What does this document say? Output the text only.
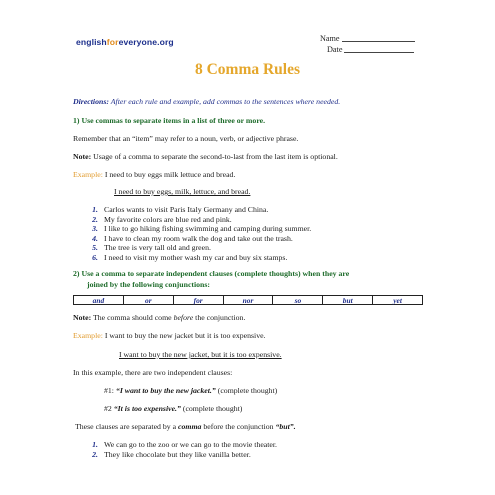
englishforeveryone.org	Name
Date
8 Comma Rules

Directions: After each rule and example, add commas to the sentences where needed.

1) Use commas to separate items in a list of three or more.

Remember that an “item” may refer to a noun, verb, or adjective phrase.

Note: Usage of a comma to separate the second-to-last from the last item is optional.

Example: I need to buy eggs milk lettuce and bread.

I need to buy eggs, milk, lettuce, and bread.

1. Carlos wants to visit Paris Italy Germany and China.
2. My favorite colors are blue red and pink.
3. I like to go hiking fishing swimming and camping during summer.
4. I have to clean my room walk the dog and take out the trash.
5. The tree is very tall old and green.
6. I need to visit my mother wash my car and buy six stamps.

2) Use a comma to separate independent clauses (complete thoughts) when they are

joined by the following conjunctions:

and	or	for	nor	so	but	yet

Note: The comma should come before the conjunction.

Example: I want to buy the new jacket but it is too expensive.

I want to buy the new jacket, but it is too expensive.

In this example, there are two independent clauses:

#1: “I want to buy the new jacket.” (complete thought)

#2 “It is too expensive.” (complete thought)

These clauses are separated by a comma before the conjunction “but”.

1. We can go to the zoo or we can go to the movie theater.
2. They like chocolate but they like vanilla better.
